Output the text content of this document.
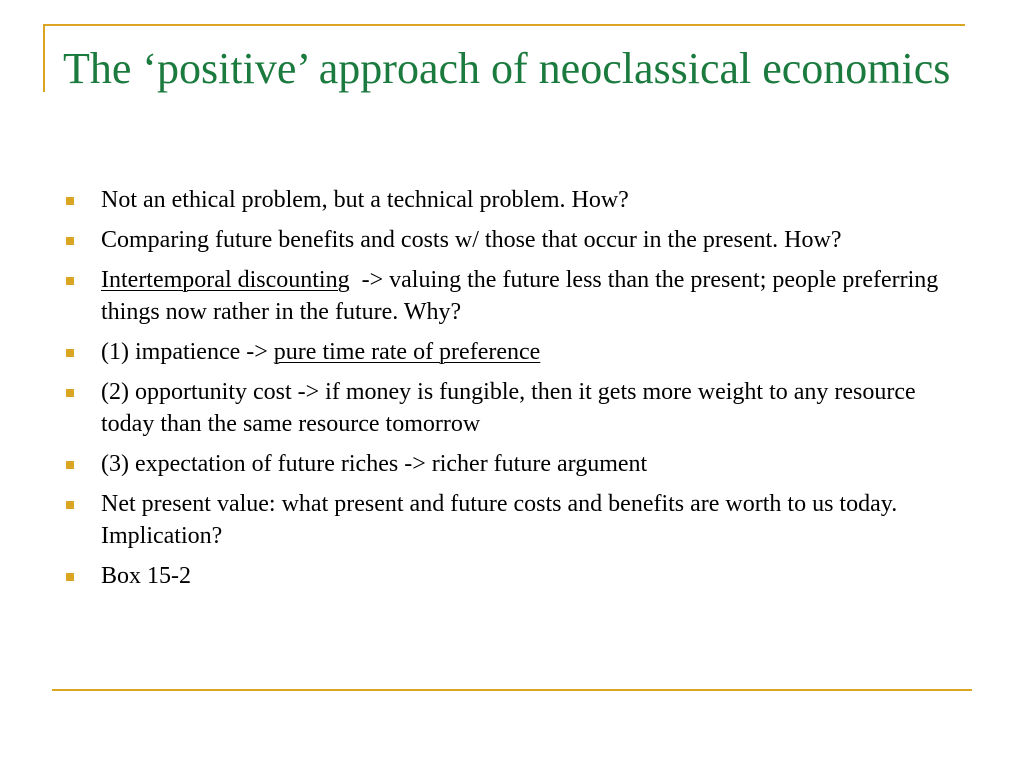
The ‘positive’ approach of neoclassical economics
Not an ethical problem, but a technical problem. How?
Comparing future benefits and costs w/ those that occur in the present. How?
Intertemporal discounting  -> valuing the future less than the present; people preferring things now rather in the future. Why?
(1) impatience -> pure time rate of preference
(2) opportunity cost -> if money is fungible, then it gets more weight to any resource today than the same resource tomorrow
(3) expectation of future riches -> richer future argument
Net present value: what present and future costs and benefits are worth to us today. Implication?
Box 15-2
